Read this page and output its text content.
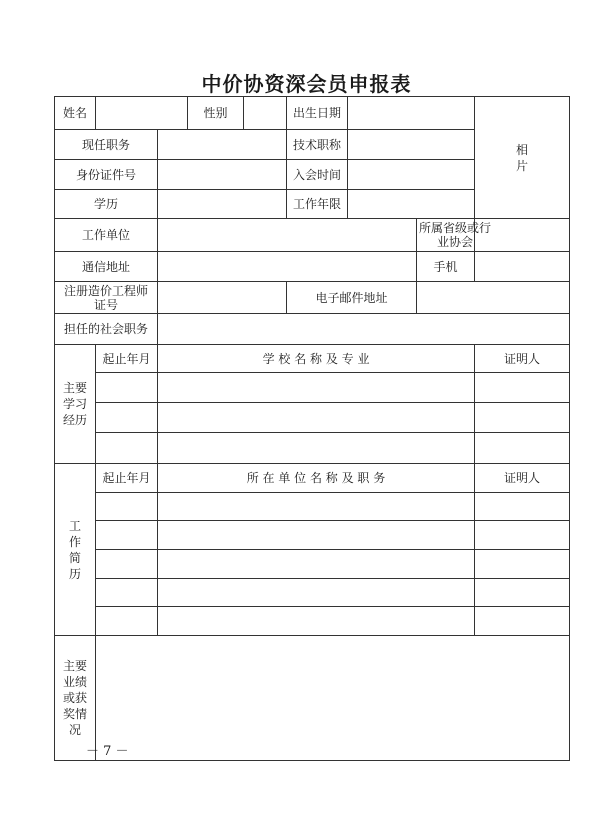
中价协资深会员申报表
姓名			性别		出生日期			相片

现任职务					技术职称			
身份证件号					入会时间			
学历					工作年限			
工作单位							所属省级或行业协会	

通信地址							手机	

注册造价工程师证号					电子邮件地址			
担任的社会职务								

主要学习经历	起止年月	学 校 名 称 及 专 业						证明人

工作简历	起止年月	所 在 单 位 名 称 及 职 务						证明人

主要业绩或获奖情况								

－ 7 －
